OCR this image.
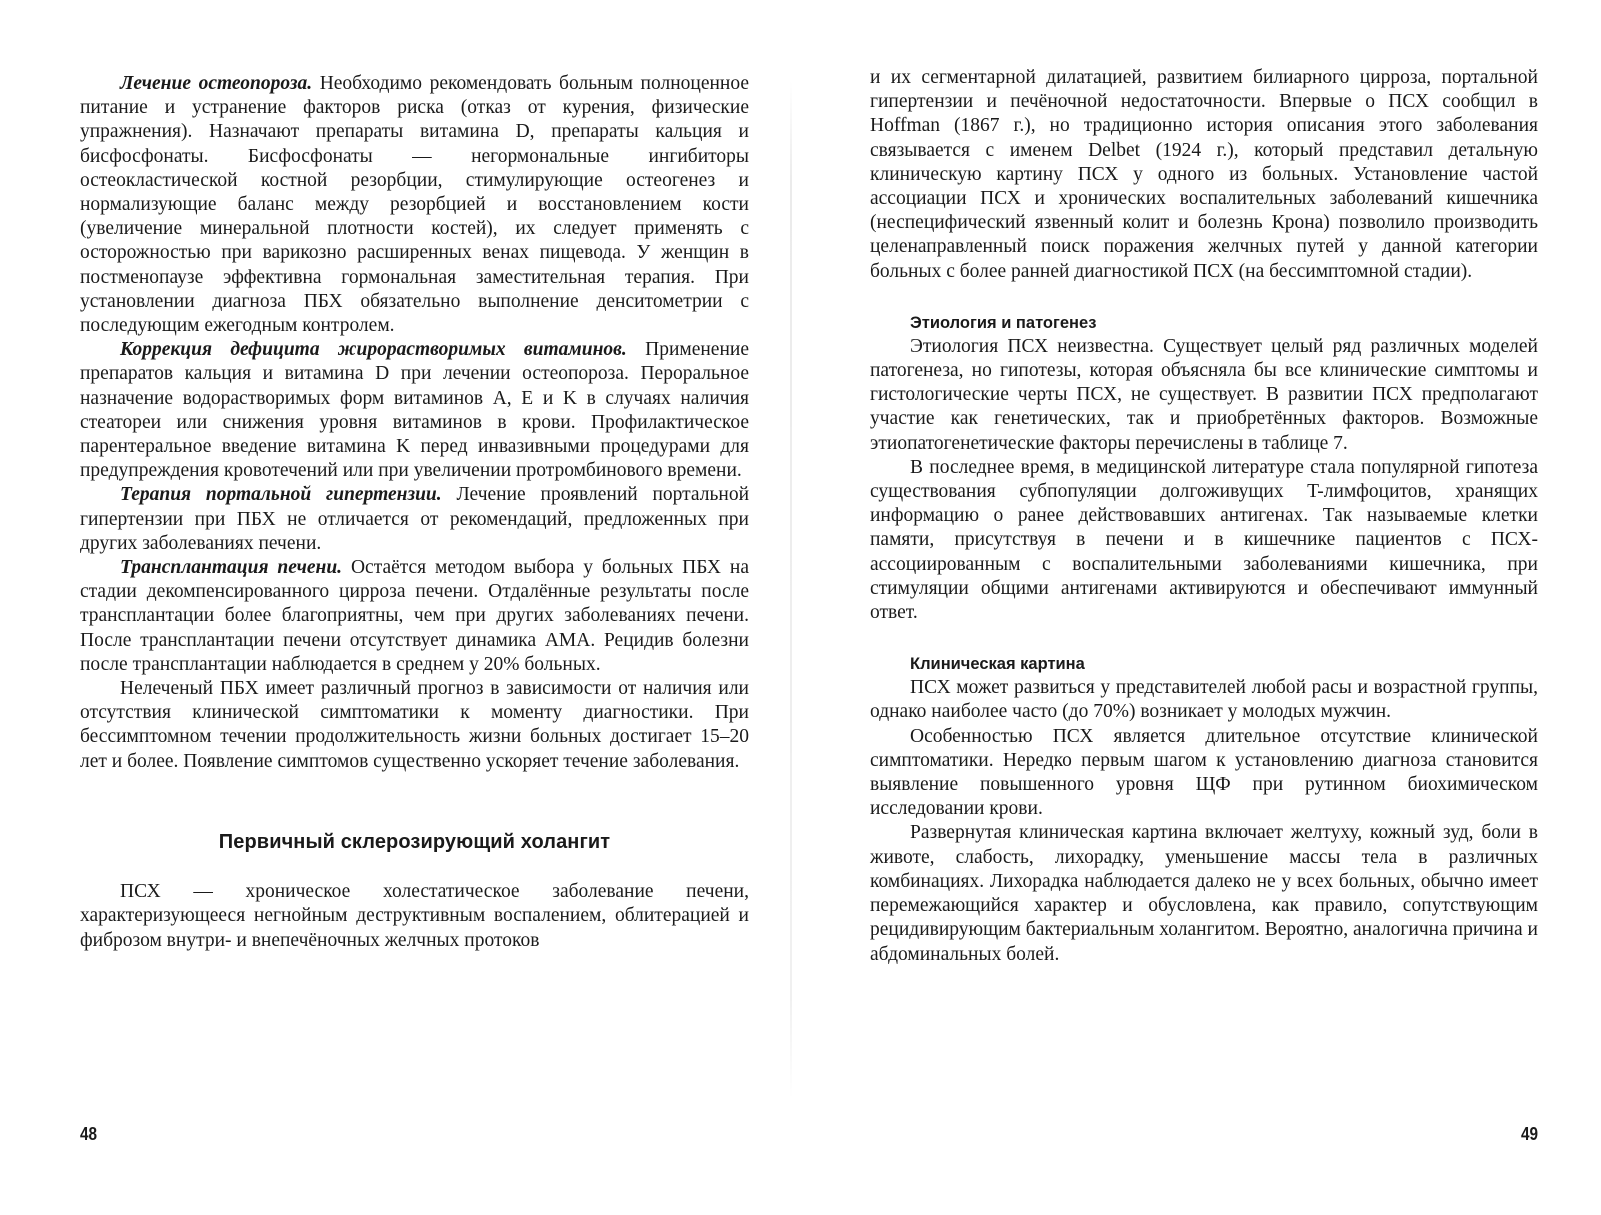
Лечение остеопороза. Необходимо рекомендовать больным полноценное питание и устранение факторов риска (отказ от курения, физические упражнения). Назначают препараты витамина D, препараты кальция и бисфосфонаты. Бисфосфонаты — негормональные ингибиторы остеокластической костной резорбции, стимулирующие остеогенез и нормализующие баланс между резорбцией и восстановлением кости (увеличение минеральной плотности костей), их следует применять с осторожностью при варикозно расширенных венах пищевода. У женщин в постменопаузе эффективна гормональная заместительная терапия. При установлении диагноза ПБХ обязательно выполнение денситометрии с последующим ежегодным контролем.

Коррекция дефицита жирорастворимых витаминов. Применение препаратов кальция и витамина D при лечении остеопороза. Пероральное назначение водорастворимых форм витаминов A, E и K в случаях наличия стеатореи или снижения уровня витаминов в крови. Профилактическое парентеральное введение витамина K перед инвазивными процедурами для предупреждения кровотечений или при увеличении протромбинового времени.

Терапия портальной гипертензии. Лечение проявлений портальной гипертензии при ПБХ не отличается от рекомендаций, предложенных при других заболеваниях печени.

Трансплантация печени. Остаётся методом выбора у больных ПБХ на стадии декомпенсированного цирроза печени. Отдалённые результаты после трансплантации более благоприятны, чем при других заболеваниях печени. После трансплантации печени отсутствует динамика АМА. Рецидив болезни после трансплантации наблюдается в среднем у 20% больных.

Нелеченый ПБХ имеет различный прогноз в зависимости от наличия или отсутствия клинической симптоматики к моменту диагностики. При бессимптомном течении продолжительность жизни больных достигает 15–20 лет и более. Появление симптомов существенно ускоряет течение заболевания.

Первичный склерозирующий холангит

ПСХ — хроническое холестатическое заболевание печени, характеризующееся негнойным деструктивным воспалением, облитерацией и фиброзом внутри- и внепечёночных желчных протоков

48

и их сегментарной дилатацией, развитием билиарного цирроза, портальной гипертензии и печёночной недостаточности. Впервые о ПСХ сообщил в Hoffman (1867 г.), но традиционно история описания этого заболевания связывается с именем Delbet (1924 г.), который представил детальную клиническую картину ПСХ у одного из больных. Установление частой ассоциации ПСХ и хронических воспалительных заболеваний кишечника (неспецифический язвенный колит и болезнь Крона) позволило производить целенаправленный поиск поражения желчных путей у данной категории больных с более ранней диагностикой ПСХ (на бессимптомной стадии).

Этиология и патогенез

Этиология ПСХ неизвестна. Существует целый ряд различных моделей патогенеза, но гипотезы, которая объясняла бы все клинические симптомы и гистологические черты ПСХ, не существует. В развитии ПСХ предполагают участие как генетических, так и приобретённых факторов. Возможные этиопатогенетические факторы перечислены в таблице 7.

В последнее время, в медицинской литературе стала популярной гипотеза существования субпопуляции долгоживущих T-лимфоцитов, хранящих информацию о ранее действовавших антигенах. Так называемые клетки памяти, присутствуя в печени и в кишечнике пациентов с ПСХ-ассоциированным с воспалительными заболеваниями кишечника, при стимуляции общими антигенами активируются и обеспечивают иммунный ответ.

Клиническая картина

ПСХ может развиться у представителей любой расы и возрастной группы, однако наиболее часто (до 70%) возникает у молодых мужчин.

Особенностью ПСХ является длительное отсутствие клинической симптоматики. Нередко первым шагом к установлению диагноза становится выявление повышенного уровня ЩФ при рутинном биохимическом исследовании крови.

Развернутая клиническая картина включает желтуху, кожный зуд, боли в животе, слабость, лихорадку, уменьшение массы тела в различных комбинациях. Лихорадка наблюдается далеко не у всех больных, обычно имеет перемежающийся характер и обусловлена, как правило, сопутствующим рецидивирующим бактериальным холангитом. Вероятно, аналогична причина и абдоминальных болей.

49
